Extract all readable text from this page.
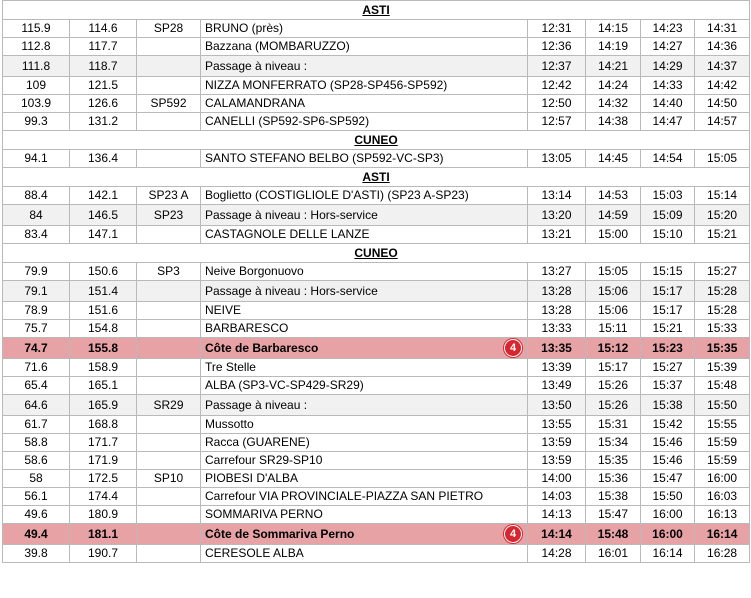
ASTI							
115.9	114.6	SP28	BRUNO (près)	12:31	14:15	14:23	14:31
112.8	117.7		Bazzana (MOMBARUZZO)	12:36	14:19	14:27	14:36
111.8	118.7		Passage à niveau :	12:37	14:21	14:29	14:37
109	121.5		NIZZA MONFERRATO (SP28-SP456-SP592)	12:42	14:24	14:33	14:42
103.9	126.6	SP592	CALAMANDRANA	12:50	14:32	14:40	14:50
99.3	131.2		CANELLI (SP592-SP6-SP592)	12:57	14:38	14:47	14:57
CUNEO							
94.1	136.4		SANTO STEFANO BELBO (SP592-VC-SP3)	13:05	14:45	14:54	15:05
ASTI							
88.4	142.1	SP23 A	Boglietto (COSTIGLIOLE D'ASTI) (SP23 A-SP23)	13:14	14:53	15:03	15:14
84	146.5	SP23	Passage à niveau : Hors-service	13:20	14:59	15:09	15:20
83.4	147.1		CASTAGNOLE DELLE LANZE	13:21	15:00	15:10	15:21
CUNEO							
79.9	150.6	SP3	Neive Borgonuovo	13:27	15:05	15:15	15:27
79.1	151.4		Passage à niveau : Hors-service	13:28	15:06	15:17	15:28
78.9	151.6		NEIVE	13:28	15:06	15:17	15:28
75.7	154.8		BARBARESCO	13:33	15:11	15:21	15:33
74.7	155.8		Côte de Barbaresco 4	13:35	15:12	15:23	15:35
71.6	158.9		Tre Stelle	13:39	15:17	15:27	15:39
65.4	165.1		ALBA (SP3-VC-SP429-SR29)	13:49	15:26	15:37	15:48
64.6	165.9	SR29	Passage à niveau :	13:50	15:26	15:38	15:50
61.7	168.8		Mussotto	13:55	15:31	15:42	15:55
58.8	171.7		Racca (GUARENE)	13:59	15:34	15:46	15:59
58.6	171.9		Carrefour SR29-SP10	13:59	15:35	15:46	15:59
58	172.5	SP10	PIOBESI D'ALBA	14:00	15:36	15:47	16:00
56.1	174.4		Carrefour VIA PROVINCIALE-PIAZZA SAN PIETRO	14:03	15:38	15:50	16:03
49.6	180.9		SOMMARIVA PERNO	14:13	15:47	16:00	16:13
49.4	181.1		Côte de Sommariva Perno 4	14:14	15:48	16:00	16:14
39.8	190.7		CERESOLE ALBA	14:28	16:01	16:14	16:28
